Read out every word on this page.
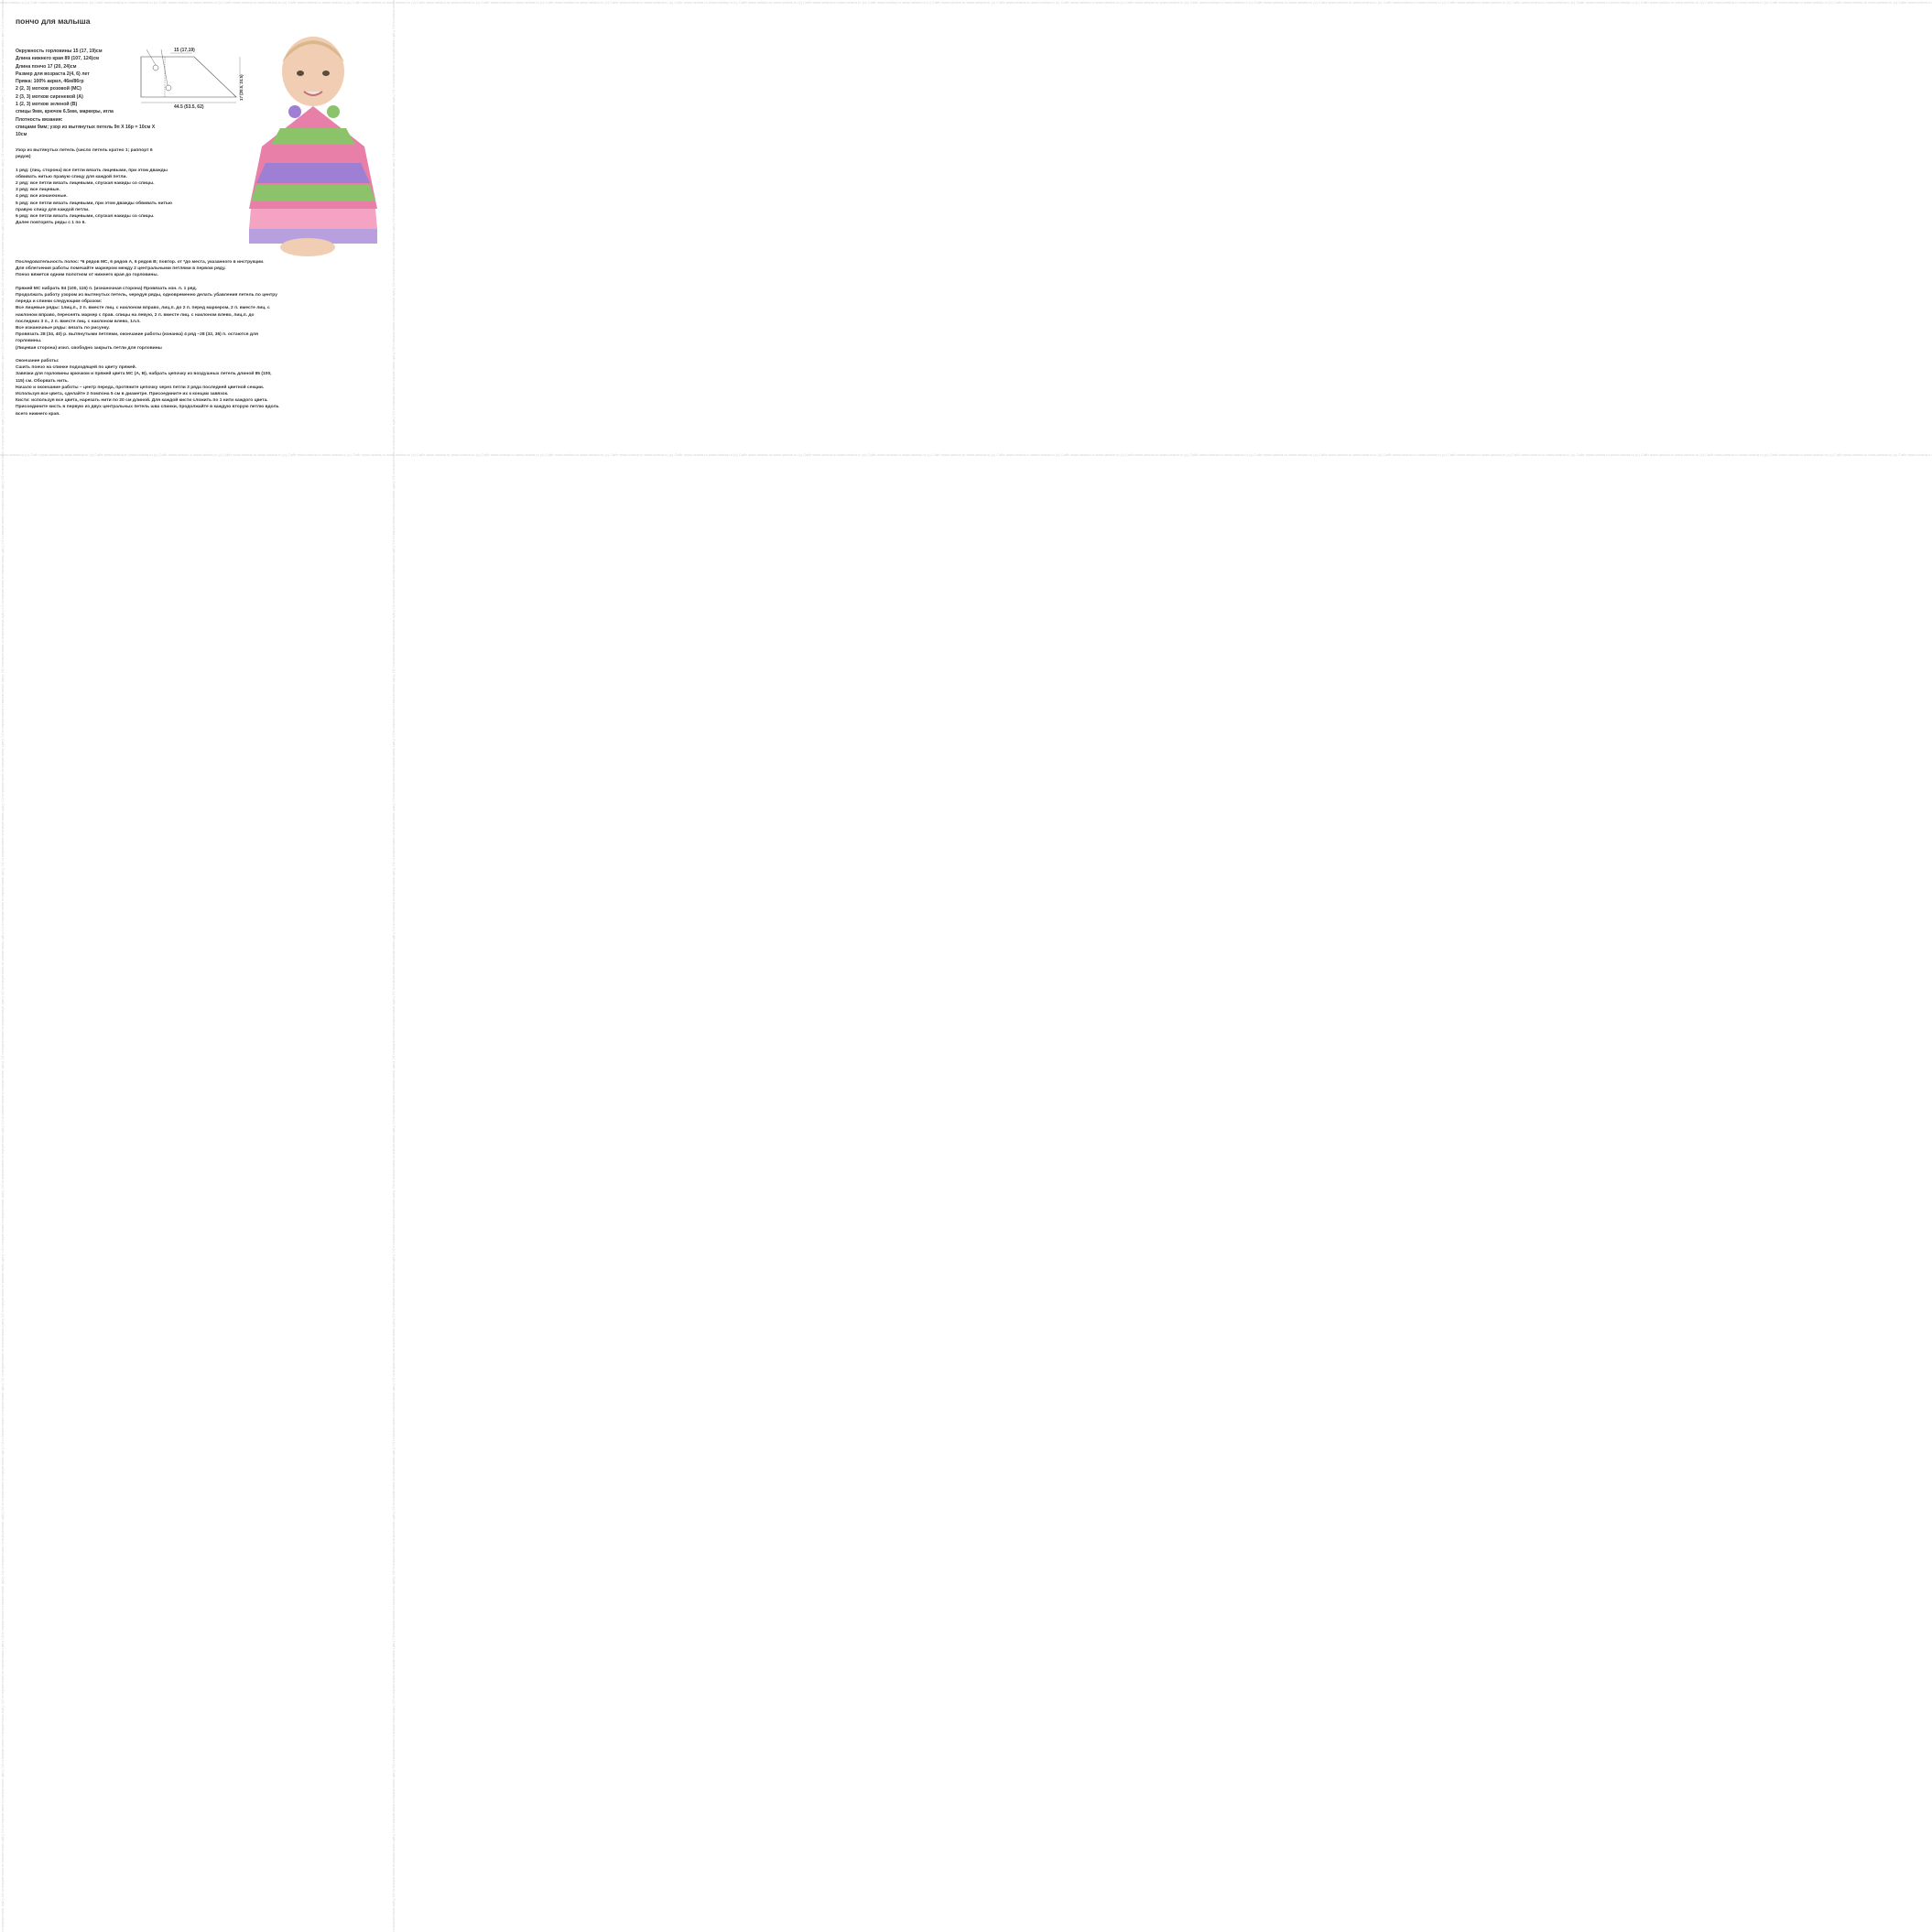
www.ueisha.ru (c) Сайт www.ueisha.ru www.ueisha.ru (c) Сайт www.ueisha.ru www.ueisha.ru (c) Сайт www.ueisha.ru www.ueisha.ru (c) Сайт www.ueisha.ru www.ueisha.ru (c) Сайт www.ueisha.ru www.ueisha.ru (c) Сайт www.ueisha.ru www.ueisha.ru (c) Сайт www.ueisha.ru www.ueisha.ru (c) Сайт www.ueisha.ru www.ueisha.ru (c) Сайт www.ueisha.ru www.ueisha.ru (c) Сайт www.ueisha.ru www.ueisha.ru (c) Сайт www.ueisha.ru www.ueisha.ru (c) Сайт www.ueisha.ru www.ueisha.ru (c) Сайт www.ueisha.ru www.ueisha.ru (c) Сайт www.ueisha.ru www.ueisha.ru (c) Сайт www.ueisha.ru www.ueisha.ru (c) Сайт www.ueisha.ru www.ueisha.ru (c) Сайт www.ueisha.ru www.ueisha.ru (c) Сайт www.ueisha.ru www.ueisha.ru (c) Сайт www.ueisha.ru www.ueisha.ru (c) Сайт www.ueisha.ru www.ueisha.ru (c) Сайт www.ueisha.ru www.ueisha.ru (c) Сайт www.ueisha.ru www.ueisha.ru (c) Сайт www.ueisha.ru www.ueisha.ru (c) Сайт www.ueisha.ru www.ueisha.ru (c) Сайт www.ueisha.ru www.ueisha.ru (c) Сайт www.ueisha.ru www.ueisha.ru (c) Сайт www.ueisha.ru www.ueisha.ru (c) Сайт www.ueisha.ru www.ueisha.ru (c) Сайт www.ueisha.ru www.ueisha.ru (c) Сайт www.ueisha.ru
www.ueisha.ru (c) Сайт www.ueisha.ru www.ueisha.ru (c) Сайт www.ueisha.ru www.ueisha.ru (c) Сайт www.ueisha.ru www.ueisha.ru (c) Сайт www.ueisha.ru www.ueisha.ru (c) Сайт www.ueisha.ru www.ueisha.ru (c) Сайт www.ueisha.ru www.ueisha.ru (c) Сайт www.ueisha.ru www.ueisha.ru (c) Сайт www.ueisha.ru www.ueisha.ru (c) Сайт www.ueisha.ru www.ueisha.ru (c) Сайт www.ueisha.ru www.ueisha.ru (c) Сайт www.ueisha.ru www.ueisha.ru (c) Сайт www.ueisha.ru www.ueisha.ru (c) Сайт www.ueisha.ru www.ueisha.ru (c) Сайт www.ueisha.ru www.ueisha.ru (c) Сайт www.ueisha.ru www.ueisha.ru (c) Сайт www.ueisha.ru www.ueisha.ru (c) Сайт www.ueisha.ru www.ueisha.ru (c) Сайт www.ueisha.ru www.ueisha.ru (c) Сайт www.ueisha.ru www.ueisha.ru (c) Сайт www.ueisha.ru www.ueisha.ru (c) Сайт www.ueisha.ru www.ueisha.ru (c) Сайт www.ueisha.ru www.ueisha.ru (c) Сайт www.ueisha.ru www.ueisha.ru (c) Сайт www.ueisha.ru www.ueisha.ru (c) Сайт www.ueisha.ru www.ueisha.ru (c) Сайт www.ueisha.ru www.ueisha.ru (c) Сайт www.ueisha.ru www.ueisha.ru (c) Сайт www.ueisha.ru www.ueisha.ru (c) Сайт www.ueisha.ru www.ueisha.ru (c) Сайт www.ueisha.ru
www.ueisha.ru (c) Сайт www.ueisha.ru www.ueisha.ru (c) Сайт www.ueisha.ru www.ueisha.ru (c) Сайт www.ueisha.ru www.ueisha.ru (c) Сайт www.ueisha.ru www.ueisha.ru (c) Сайт www.ueisha.ru www.ueisha.ru (c) Сайт www.ueisha.ru www.ueisha.ru (c) Сайт www.ueisha.ru www.ueisha.ru (c) Сайт www.ueisha.ru www.ueisha.ru (c) Сайт www.ueisha.ru www.ueisha.ru (c) Сайт www.ueisha.ru www.ueisha.ru (c) Сайт www.ueisha.ru www.ueisha.ru (c) Сайт www.ueisha.ru www.ueisha.ru (c) Сайт www.ueisha.ru www.ueisha.ru (c) Сайт www.ueisha.ru www.ueisha.ru (c) Сайт www.ueisha.ru www.ueisha.ru (c) Сайт www.ueisha.ru www.ueisha.ru (c) Сайт www.ueisha.ru www.ueisha.ru (c) Сайт www.ueisha.ru www.ueisha.ru (c) Сайт www.ueisha.ru www.ueisha.ru (c) Сайт www.ueisha.ru www.ueisha.ru (c) Сайт www.ueisha.ru www.ueisha.ru (c) Сайт www.ueisha.ru www.ueisha.ru (c) Сайт www.ueisha.ru www.ueisha.ru (c) Сайт www.ueisha.ru www.ueisha.ru (c) Сайт www.ueisha.ru www.ueisha.ru (c) Сайт www.ueisha.ru www.ueisha.ru (c) Сайт www.ueisha.ru www.ueisha.ru (c) Сайт www.ueisha.ru www.ueisha.ru (c) Сайт www.ueisha.ru www.ueisha.ru (c) Сайт www.ueisha.ru	www.ueisha.ru (c) Сайт www.ueisha.ru www.ueisha.ru (c) Сайт www.ueisha.ru www.ueisha.ru (c) Сайт www.ueisha.ru www.ueisha.ru (c) Сайт www.ueisha.ru www.ueisha.ru (c) Сайт www.ueisha.ru www.ueisha.ru (c) Сайт www.ueisha.ru www.ueisha.ru (c) Сайт www.ueisha.ru www.ueisha.ru (c) Сайт www.ueisha.ru www.ueisha.ru (c) Сайт www.ueisha.ru www.ueisha.ru (c) Сайт www.ueisha.ru www.ueisha.ru (c) Сайт www.ueisha.ru www.ueisha.ru (c) Сайт www.ueisha.ru www.ueisha.ru (c) Сайт www.ueisha.ru www.ueisha.ru (c) Сайт www.ueisha.ru www.ueisha.ru (c) Сайт www.ueisha.ru www.ueisha.ru (c) Сайт www.ueisha.ru www.ueisha.ru (c) Сайт www.ueisha.ru www.ueisha.ru (c) Сайт www.ueisha.ru www.ueisha.ru (c) Сайт www.ueisha.ru www.ueisha.ru (c) Сайт www.ueisha.ru www.ueisha.ru (c) Сайт www.ueisha.ru www.ueisha.ru (c) Сайт www.ueisha.ru www.ueisha.ru (c) Сайт www.ueisha.ru www.ueisha.ru (c) Сайт www.ueisha.ru www.ueisha.ru (c) Сайт www.ueisha.ru www.ueisha.ru (c) Сайт www.ueisha.ru www.ueisha.ru (c) Сайт www.ueisha.ru www.ueisha.ru (c) Сайт www.ueisha.ru www.ueisha.ru (c) Сайт www.ueisha.ru www.ueisha.ru (c) Сайт www.ueisha.ru
пончо для малыша
Окружность горловины 15 (17, 19)см
Длина нижнего края 89 (107, 124)см
Длина пончо 17 (20, 24)см
Размер для возраста 2(4, 6) лет
Пряжа: 100% акрил, 46м/86гр
2 (2, 3) мотков розовой (МС)
2 (3, 3) мотков сиреневой (А)
1 (2, 3) мотков зеленой (В)
спицы 9мм, крючок 6.5мм, маркеры, игла
Плотность вязания:
спицами 9мм; узор из вытянутых петель 9п Х 16р = 10см Х
10см
15 (17,19)
44.5 (53.5, 62)
17 (20.5, 24.5)
Узор из вытянутых петель (число петель кратно 1; раппорт 6
рядов)

1 ряд: (лиц. сторона) все петли вязать лицевыми, при этом дважды
обвивать нитью правую спицу для каждой петли.
2 ряд: все петли вязать лицевыми, спуская накиды со спицы.
3 ряд: все лицевые.
4 ряд: все изнаночные.
5 ряд: все петли вязать лицевыми, при этом дважды обвивать нитью
правую спицу для каждой петли.
6 ряд: все петли вязать лицевыми, спуская накиды со спицы.
Далее повторять ряды с 1 по 6.
Последовательность полос: *6 рядов МС, 6 рядов А, 6 рядов В; повтор. от *до места, указанного в инструкции.
Для облегчения работы помечайте маркером между 2 центральными петлями в первом ряду.
Пончо вяжется одним полотном от нижнего края до горловины.

Пряжей МС набрать 84 (100, 116) п. (изнаночная сторона) Провязать изн. п. 1 ряд.
Продолжать работу узором из вытянутых петель, чередуя ряды, одновременно делать убавления петель по центру
переда и спинки следующим образом:
Все лицевые ряды: 1лиц.п., 2 п. вместе лиц. с наклоном вправо, лиц.п. до 2 п. перед маркером, 2 п. вместе лиц. с
наклоном вправо, переснять маркер с прав. спицы на левую, 2 п. вместе лиц. с наклоном влево, лиц.п. до
последних 3 п., 2 п. вместе лиц. с наклоном влево, 1л.п.
Все изнаночные ряды: вязать по рисунку.
Провязать 28 (34, 40) р. вытянутыми петлями, окончание работы (изнанка) 4 ряд –28 (32, 36) п. остаются для
горловины.
(Лицевая сторона) изнл. свободно закрыть петли для горловины

Окончание работы:
Сшить пончо на спинке подходящей по цвету пряжей.
Завязки для горловины крючком и пряжей цвета МС (А, В), набрать цепочку из воздушных петель длиной 85 (100,
115) см. Оборвать нить.
Начало и окончание работы – центр переда, протяните цепочку через петли 3 ряда последней цветной секции.
Используя все цвета, сделайте 2 помпона 5 см в диаметре. Присоедините их к концам завязок.
Кисти: используя все цвета, нарезать нити по 20 см длиной. Для каждой кисти сложить по 1 нити каждого цвета.
Присоедините кисть в первую из двух центральных петель шва спинки, продолжайте в каждую вторую петлю вдоль
всего нижнего края.
